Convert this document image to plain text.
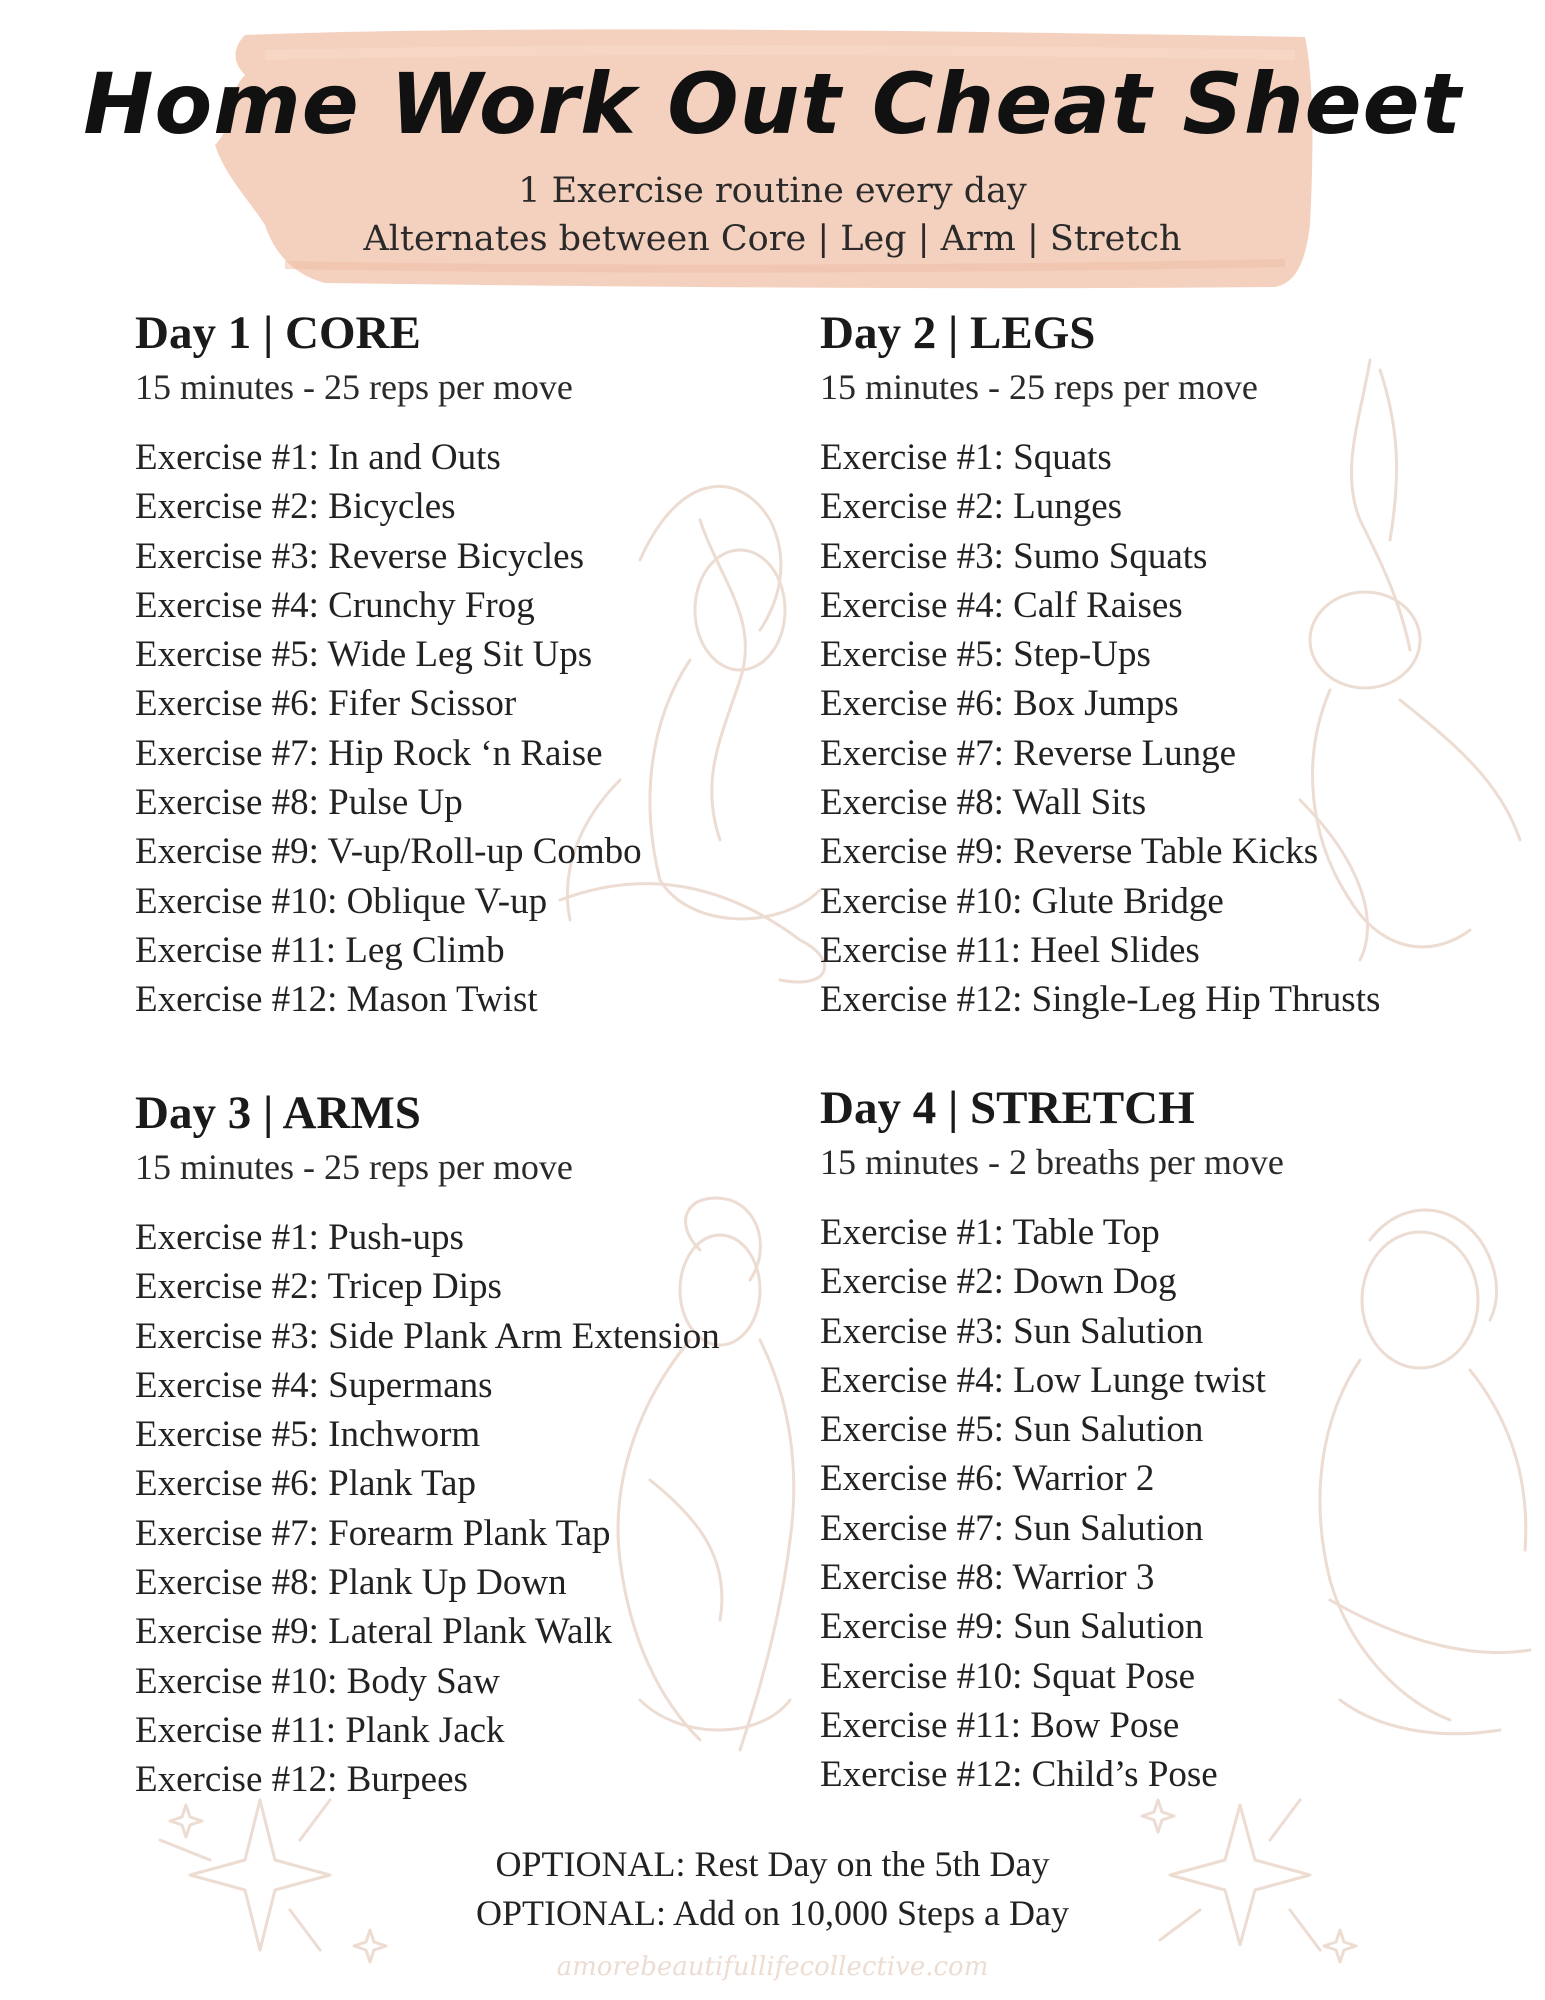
Home Work Out Cheat Sheet
1 Exercise routine every day
Alternates between Core | Leg | Arm | Stretch
Day 1 | CORE
15 minutes - 25 reps per move
Exercise #1: In and Outs
Exercise #2: Bicycles
Exercise #3: Reverse Bicycles
Exercise #4: Crunchy Frog
Exercise #5: Wide Leg Sit Ups
Exercise #6: Fifer Scissor
Exercise #7: Hip Rock ‘n Raise
Exercise #8: Pulse Up
Exercise #9: V-up/Roll-up Combo
Exercise #10: Oblique V-up
Exercise #11: Leg Climb
Exercise #12: Mason Twist
Day 2 | LEGS
15 minutes - 25 reps per move
Exercise #1: Squats
Exercise #2: Lunges
Exercise #3: Sumo Squats
Exercise #4: Calf Raises
Exercise #5: Step-Ups
Exercise #6: Box Jumps
Exercise #7: Reverse Lunge
Exercise #8: Wall Sits
Exercise #9: Reverse Table Kicks
Exercise #10: Glute Bridge
Exercise #11: Heel Slides
Exercise #12: Single-Leg Hip Thrusts
Day 3 | ARMS
15 minutes - 25 reps per move
Exercise #1: Push-ups
Exercise #2: Tricep Dips
Exercise #3: Side Plank Arm Extension
Exercise #4: Supermans
Exercise #5: Inchworm
Exercise #6: Plank Tap
Exercise #7: Forearm Plank Tap
Exercise #8: Plank Up Down
Exercise #9: Lateral Plank Walk
Exercise #10: Body Saw
Exercise #11: Plank Jack
Exercise #12: Burpees
Day 4 | STRETCH
15 minutes - 2 breaths per move
Exercise #1: Table Top
Exercise #2: Down Dog
Exercise #3: Sun Salution
Exercise #4: Low Lunge twist
Exercise #5: Sun Salution
Exercise #6: Warrior 2
Exercise #7: Sun Salution
Exercise #8: Warrior 3
Exercise #9: Sun Salution
Exercise #10: Squat Pose
Exercise #11: Bow Pose
Exercise #12: Child’s Pose
OPTIONAL: Rest Day on the 5th Day
OPTIONAL: Add on 10,000 Steps a Day
amorebeautifullifecollective.com
